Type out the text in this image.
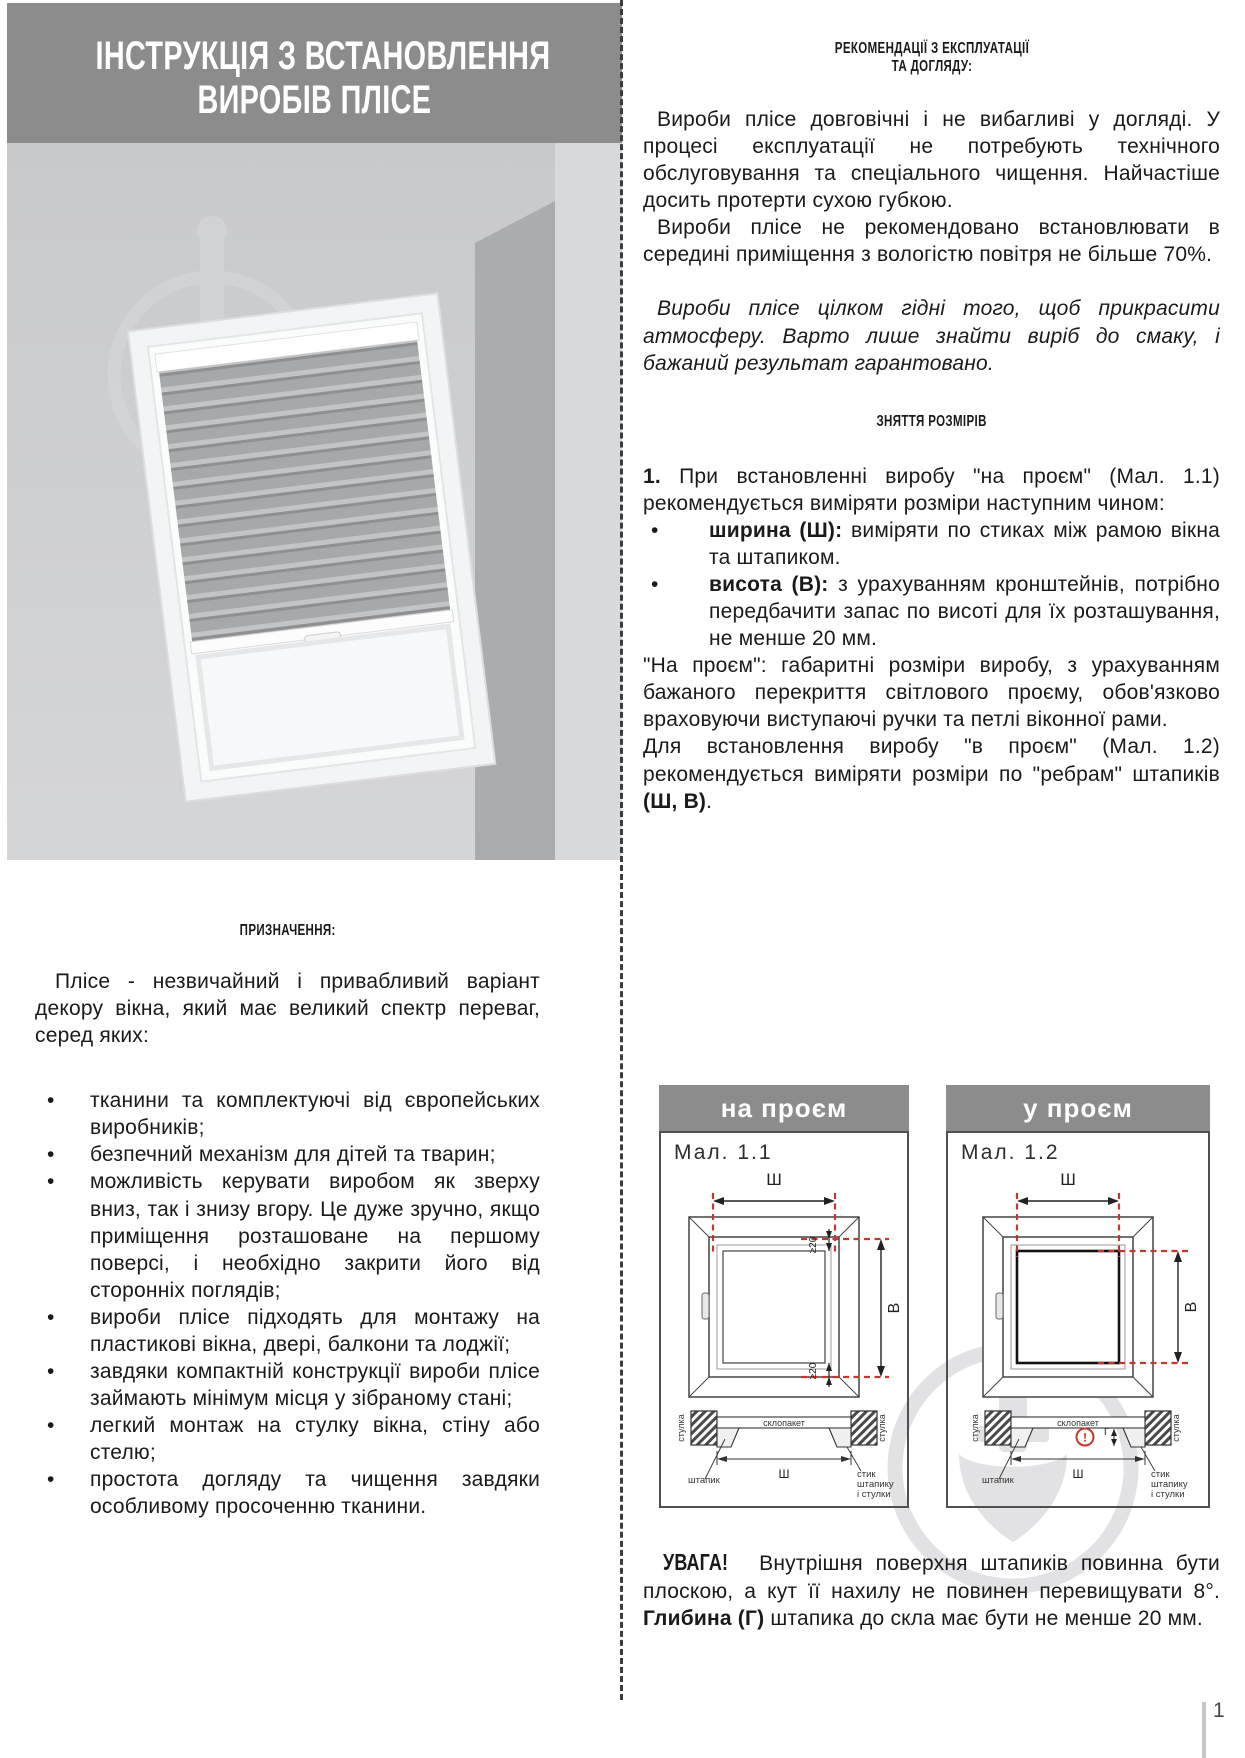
ІНСТРУКЦІЯ З ВСТАНОВЛЕННЯ
ВИРОБІВ ПЛІСЕ
ПРИЗНАЧЕННЯ:

Плісе - незвичайний і привабливий варіант декору вікна, який має великий спектр переваг, серед яких:

•	тканини та комплектуючі від європейських виробників;
•	безпечний механізм для дітей та тварин;
•	можливість керувати виробом як зверху вниз, так і знизу вгору. Це дуже зручно, якщо приміщення розташоване на першому поверсі, і необхідно закрити його від сторонніх поглядів;
•	вироби плісе підходять для монтажу на пластикові вікна, двері, балкони та лоджії;
•	завдяки компактній конструкції вироби плісе займають мінімум місця у зібраному стані;
•	легкий монтаж на стулку вікна, стіну або стелю;
•	простота догляду та чищення завдяки особливому просоченню тканини.
РЕКОМЕНДАЦІЇ З ЕКСПЛУАТАЦІЇ
ТА ДОГЛЯДУ:

Вироби плісе довговічні і не вибагливі у догляді. У процесі експлуатації не потребують технічного обслуговування та спеціального чищення. Найчастіше досить протерти сухою губкою.

Вироби плісе не рекомендовано встановлювати в середині приміщення з вологістю повітря не більше 70%.

Вироби плісе цілком гідні того, щоб прикрасити атмосферу. Варто лише знайти виріб до смаку, і бажаний результат гарантовано.

ЗНЯТТЯ РОЗМІРІВ

1. При встановленні виробу "на проєм" (Мал. 1.1) рекомендується виміряти розміри наступним чином:

•	ширина (Ш): виміряти по стиках між рамою вікна та штапиком.
•	висота (В): з урахуванням кронштейнів, потрібно передбачити запас по висоті для їх розташування, не менше 20 мм.

"На проєм": габаритні розміри виробу, з урахуванням бажаного перекриття світлового проєму, обов'язково враховуючи виступаючі ручки та петлі віконної рами.

Для встановлення виробу "в проєм" (Мал. 1.2) рекомендується виміряти розміри по "ребрам" штапиків (Ш, В).

на проєм
Мал. 1.1
Ш
В
≥20
≥20
склопакет
стулка	стулка
Ш
штапик
стик
штапику
і стулки
у проєм
Мал. 1.2
Ш
В
склопакет
стулка	стулка
! Г
Ш
штапик
стик
штапику
і стулки
УВАГА! Внутрішня поверхня штапиків повинна бути плоскою, а кут її нахилу не повинен перевищувати 8°. Глибина (Г) штапика до скла має бути не менше 20 мм.
1
